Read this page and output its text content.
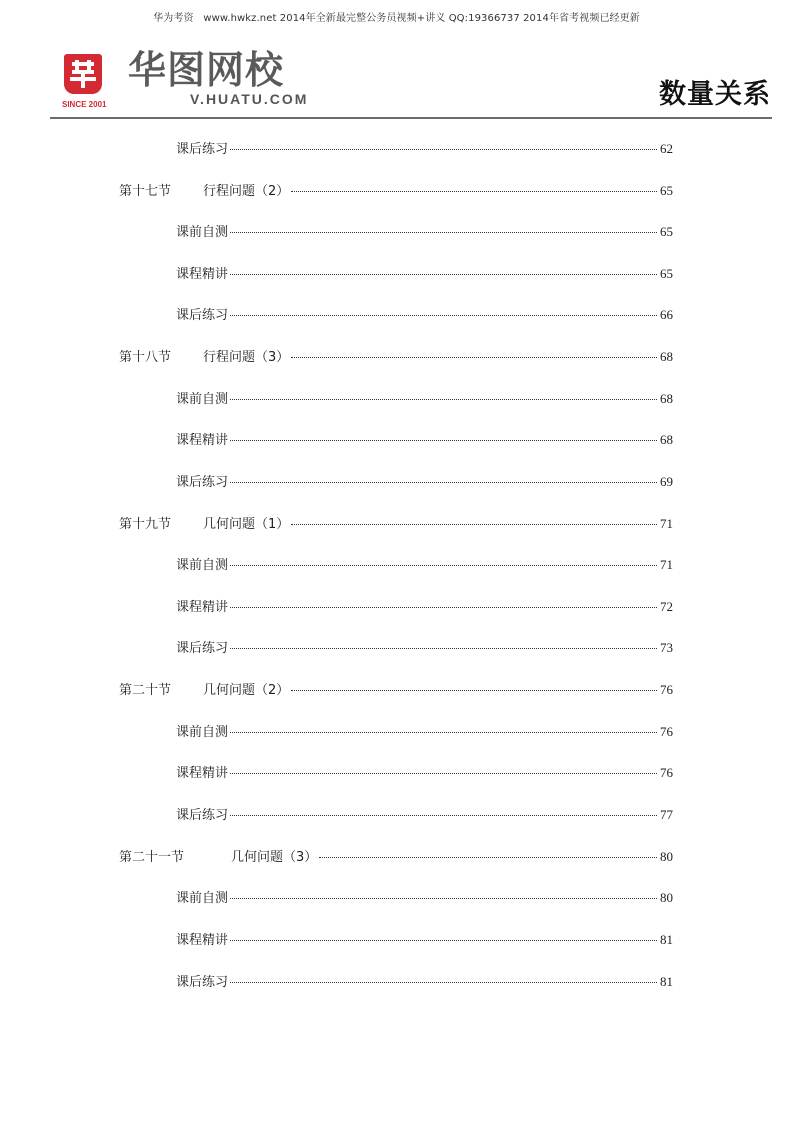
华为考资   www.hwkz.net 2014年全新最完整公务员视频+讲义 QQ:19366737 2014年省考视频已经更新
SINCE 2001
华图网校
V.HUATU.COM	数量关系
课后练习	62
第十七节	行程问题（2）	65
课前自测	65
课程精讲	65
课后练习	66
第十八节	行程问题（3）	68
课前自测	68
课程精讲	68
课后练习	69
第十九节	几何问题（1）	71
课前自测	71
课程精讲	72
课后练习	73
第二十节	几何问题（2）	76
课前自测	76
课程精讲	76
课后练习	77
第二十一节	几何问题（3）	80
课前自测	80
课程精讲	81
课后练习	81
